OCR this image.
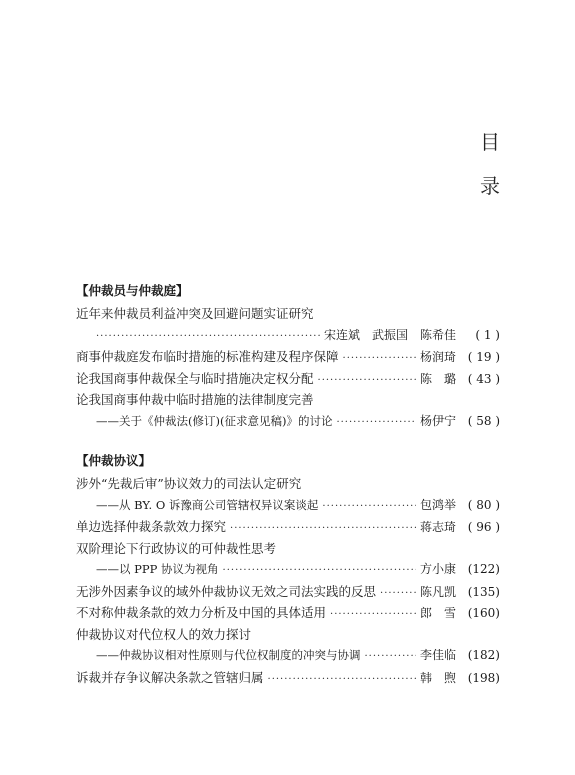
目
录
【仲裁员与仲裁庭】
近年来仲裁员利益冲突及回避问题实证研究
·····
宋连斌　武振国　陈希佳	( 1 )
商事仲裁庭发布临时措施的标准构建及程序保障 ·····	杨润琦 ( 19 )
论我国商事仲裁保全与临时措施决定权分配 ·····	陈　璐 ( 43 )
论我国商事仲裁中临时措施的法律制度完善
——关于《仲裁法(修订)(征求意见稿)》的讨论 ·····	杨伊宁 ( 58 )
【仲裁协议】
涉外“先裁后审”协议效力的司法认定研究
——从 BY. O 诉豫商公司管辖权异议案谈起 ·····	包鸿举 ( 80 )
单边选择仲裁条款效力探究 ·····	蒋志琦 ( 96 )
双阶理论下行政协议的可仲裁性思考
——以 PPP 协议为视角 ·····	方小康 (122)
无涉外因素争议的域外仲裁协议无效之司法实践的反思 ·····	陈凡凯 (135)
不对称仲裁条款的效力分析及中国的具体适用 ·····	郎　雪 (160)
仲裁协议对代位权人的效力探讨
——仲裁协议相对性原则与代位权制度的冲突与协调 ·····	李佳临 (182)
诉裁并存争议解决条款之管辖归属 ·····	韩　煦 (198)
